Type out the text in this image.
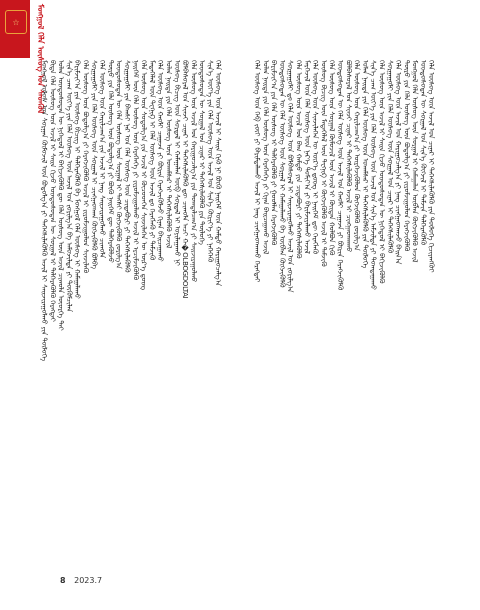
☆	ᠮᠣᠩᠭᠣᠯ ᠬᠡᠯᠡ ᠦᠰᠦᠭ ᠤᠨ ᠰᠡᠳᠬᠦᠯ
ᠮᠣᠩᠭᠣᠯ ᠤᠯᠤᠰ ᠤᠨ ᠰᠤᠷᠭᠠᠨ ᠬᠦᠮᠦᠵᠢᠯ ᠦᠨ ᠪᠣᠳᠤᠯᠭ᠎ᠠ ᠶᠢ ᠳᠡᠭᠡᠭᠰᠢᠯᠡᠭᠦᠯᠬᠦ ᠠᠵᠢᠯ ᠢ ᠰᠠᠢᠵᠢᠷᠠᠭᠤᠯᠬᠤ ᠶᠢᠨ ᠲᠥᠯᠦᠭᠡ ᠪᠢᠳᠡ ᠬᠡᠯᠡ ᠦᠰᠦᠭ ᠦᠨ ᠠᠵᠢᠯ ᠢ ᠰᠠᠢᠨ ᠬᠢᠵᠦ ᠦᠨᠳᠦᠰᠦᠲᠡᠨ ᠦ ᠰᠤᠷᠭᠠᠯ ᠢ ᠳᠡᠯᠭᠡᠷᠡᠭᠦᠯᠬᠦ ᠬᠡᠷᠡᠭᠲᠡᠢ ᠣᠯᠠᠨ ᠦᠨᠳᠦᠰᠦᠲᠡᠨ ᠦ ᠨᠢᠭᠡᠳᠦᠯ ᠢ ᠪᠡᠬᠢᠵᠢᠭᠦᠯᠬᠦ ᠳᠦ ᠬᠡᠯᠡ ᠦᠰᠦᠭ ᠦᠨ ᠠᠵᠢᠯ ᠴᠢᠬᠤᠯᠠ ᠦᠦᠷᠭᠡ ᠲᠠᠢ ᠰᠢᠨ᠎ᠡ ᠴᠠᠭ ᠦᠶ᠎ᠡ ᠶᠢᠨ ᠬᠡᠯᠡ ᠦᠰᠦᠭ ᠦᠨ ᠠᠵᠢᠯ ᠤᠨ ᠵᠣᠷᠢᠯᠭ᠎ᠠ ᠪᠠ ᠠᠮᠤᠵᠢᠯᠲᠠ ᠶᠢ ᠳᠦᠭᠦᠮᠴᠢᠯᠡᠨ ᠪᠠᠷᠢᠮᠵᠢᠶ᠎ᠠ ᠶᠢᠨ ᠦᠰᠦᠭ ᠪᠢᠴᠢᠭ ᠢ ᠳᠡᠯᠭᠡᠷᠡᠭᠦᠯᠬᠦ ᠪᠠ ᠮᠣᠩᠭᠣᠯ ᠬᠡᠯᠡ ᠦᠰᠦᠭ ᠢ ᠬᠠᠮᠠᠭᠠᠯᠠᠬᠤ ᠬᠡᠯᠡ ᠦᠰᠦᠭ ᠦᠨ ᠪᠣᠳᠣᠯᠭ᠎ᠠ ᠶᠢ ᠬᠡᠷᠡᠭᠵᠢᠭᠦᠯᠬᠦ ᠠᠵᠢᠯ ᠢ ᠵᠢᠷᠤᠮᠵᠢᠭᠤᠯᠤᠨ ᠰᠢᠨᠵᠢᠯᠡᠬᠦ ᠰᠤᠷᠭᠠᠭᠤᠯᠢ ᠶᠢᠨ ᠬᠡᠯᠡ ᠦᠰᠦᠭ ᠦᠨ ᠰᠤᠷᠭᠠᠯ ᠢ ᠴᠢᠩᠭᠠᠳᠬᠠᠨ ᠬᠥᠭᠵᠢᠭᠦᠯᠬᠦ ᠪᠣᠯᠪᠠ ᠬᠡᠯᠡ ᠦᠰᠦᠭ ᠦᠨ ᠬᠠᠷᠢᠯᠴᠠᠭ᠎ᠠ ᠶᠢᠨ ᠠᠵᠢᠯ ᠢ ᠨᠡᠩ ᠰᠠᠢᠵᠢᠷᠠᠭᠤᠯᠬᠤ ᠴᠢᠬᠤᠯᠠ ᠲᠥᠷᠦ ᠶᠢᠨ ᠬᠡᠯᠡ ᠦᠰᠦᠭ ᠦᠨ ᠪᠣᠳᠣᠯᠭ᠎ᠠ ᠶᠢ ᠪᠦᠬᠦ ᠨᠡᠢᠭᠡᠮ ᠳᠦ ᠳᠡᠯᠭᠡᠷᠡᠭᠦᠯᠵᠦ ᠦᠨᠳᠦᠰᠦᠲᠡᠨ ᠦ ᠬᠡᠯᠡ ᠦᠰᠦᠭ ᠦᠨ ᠰᠤᠷᠭᠠᠯ ᠢ ᠲᠡᠭᠰᠢ ᠬᠥᠭᠵᠢᠭᠦᠯᠬᠦ ᠵᠣᠷᠢᠯᠭ᠎ᠠ ᠰᠤᠷᠭᠠᠭᠤᠯᠢ ᠶᠢᠨ ᠪᠠᠭᠰᠢ ᠨᠠᠷ ᠤᠨ ᠬᠡᠯᠡ ᠦᠰᠦᠭ ᠦᠨ ᠴᠢᠳᠠᠪᠤᠷᠢ ᠶᠢ ᠳᠡᠭᠡᠭᠰᠢᠯᠡᠭᠦᠯᠬᠦ ᠨᠡᠢᠭᠡᠮ ᠦᠨ ᠬᠡᠯᠡ ᠦᠰᠦᠭ ᠦᠨ ᠬᠡᠷᠡᠭᠯᠡᠭᠡ ᠶᠢ ᠵᠢᠷᠤᠮᠵᠢᠭᠤᠯᠬᠤ ᠠᠵᠢᠯ ᠢ ᠡᠷᠴᠢᠮᠵᠢᠭᠦᠯᠬᠦ ᠬᠡᠯᠡ ᠦᠰᠦᠭ ᠦᠨ ᠰᠤᠳᠤᠯᠭ᠎ᠠ ᠶᠢᠨ ᠠᠵᠢᠯ ᠢ ᠬᠦᠴᠦᠳᠬᠡᠨ ᠰᠢᠨᠵᠢᠯᠡᠭᠡᠨ ᠦ ᠦᠷ᠎ᠡ ᠳ᠋ᠦᠩ ᠮᠡᠳᠡᠭᠡᠯᠡᠯ ᠦᠨ ᠲᠸᠬᠨᠢᠺ ᠢ ᠬᠡᠯᠡ ᠦᠰᠦᠭ ᠦᠨ ᠠᠵᠢᠯ ᠳᠤ ᠬᠡᠷᠡᠭᠯᠡᠬᠦ ᠶᠢ ᠳᠡᠮᠵᠢᠬᠦ ᠬᠡᠯᠡ ᠦᠰᠦᠭ ᠦᠨ ᠬᠠᠤᠯᠢ ᠴᠠᠭᠠᠵᠠ ᠶᠢ ᠪᠦᠷᠢᠨ ᠬᠡᠷᠡᠭᠵᠢᠭᠦᠯᠵᠦ ᠬᠢᠨᠠᠨ ᠪᠠᠢᠴᠠᠭᠠᠬᠤ ᠣᠯᠠᠨ ᠨᠡᠢᠲᠡ ᠶᠢᠨ ᠬᠡᠯᠡ ᠦᠰᠦᠭ ᠦᠨ ᠤᠬᠠᠮᠰᠠᠷ ᠢ ᠳᠡᠭᠡᠭᠰᠢᠯᠡᠭᠦᠯᠬᠦ ᠠᠵᠢᠯ ᠦᠰᠦᠭ ᠪᠢᠴᠢᠭ ᠦᠨ ᠰᠤᠷᠲᠠᠯ ᠢ ᠬᠠᠮᠠᠭᠠᠯᠠᠨ ᠦᠪ ᠰᠤᠷᠲᠠᠯ ᠢ ᠣᠶᠢᠯᠠᠭᠠᠬᠤ ᠨᠢ ᠪᠣᠯᠪᠠᠰᠤᠷᠠᠯ ᠤᠨ ᠰᠢᠨᠵᠢ ᠴᠢᠨᠠᠷ ᠢ ᠳᠡᠭᠡᠭᠰᠢᠯᠡᠭᠦᠯᠬᠦ ᠳᠦ ᠴᠢᠬᠤᠯᠠ ᠠᠴᠢ ᠬ�OLBOGDOLTAI ᠬᠡᠯᠡ ᠦᠰᠦᠭ ᠦᠨ ᠠᠵᠢᠯ ᠤᠨ ᠬᠠᠷᠢᠭᠤᠴᠠᠯᠭ᠎ᠠ ᠶᠢᠨ ᠲᠣᠭᠲᠠᠯᠴᠠᠭ᠎ᠠ ᠶᠢ ᠰᠠᠢᠵᠢᠷᠠᠭᠤᠯᠬᠤ ᠦᠨᠳᠦᠰᠦᠲᠡᠨ ᠦ ᠰᠤᠷᠭᠠᠯ ᠤᠨ ᠴᠢᠨᠠᠷ ᠢ ᠳᠡᠭᠡᠭᠰᠢᠯᠡᠭᠦᠯᠬᠦ ᠶᠢᠨ ᠲᠥᠯᠦᠭᠡ ᠰᠢᠨ᠎ᠡ ᠦᠶ᠎ᠡ ᠶᠢᠨ ᠬᠡᠯᠡ ᠦᠰᠦᠭ ᠦᠨ ᠠᠵᠢᠯ ᠤᠨ ᠰᠢᠨ᠎ᠡ ᠬᠦᠷᠢᠶ᠎ᠡ ᠶᠢ ᠨᠡᠭᠡᠭᠡᠬᠦ ᠬᠡᠯᠡ ᠦᠰᠦᠭ ᠦᠨ ᠠᠵᠢᠯ ᠢ ᠰᠠᠢᠨ ᠬᠢᠬᠦ ᠨᠢ ᠪᠦᠬᠦ ᠨᠡᠢᠭᠡᠮ ᠦᠨ ᠬᠠᠮᠲᠤ ᠬᠠᠷᠢᠭᠤᠴᠠᠯᠭ᠎ᠠ	ᠬᠡᠯᠡ ᠦᠰᠦᠭ ᠦᠨ ᠬᠡᠪ ᠵᠦᠢ ᠶᠢ ᠪᠠᠷᠢᠮᠳᠠᠯᠠᠬᠤ ᠠᠵᠢᠯ ᠢ ᠨᠡᠩ ᠴᠢᠩᠭᠠᠳᠬᠠᠬᠤ ᠬᠡᠷᠡᠭᠲᠡᠢ ᠣᠯᠠᠨ ᠨᠡᠢᠲᠡ ᠶᠢᠨ ᠬᠡᠯᠡ ᠦᠰᠦᠭ ᠦᠨ ᠬᠡᠷᠡᠭᠯᠡᠭᠡ ᠶᠢ ᠬᠢᠨᠠᠨ ᠪᠠᠢᠴᠠᠭᠠᠬᠤ ᠠᠵᠢᠯ ᠪᠠᠷᠢᠮᠵᠢᠶ᠎ᠠ ᠶᠢᠨ ᠬᠡᠯᠡ ᠦᠰᠦᠭ ᠢ ᠳᠡᠯᠭᠡᠷᠡᠭᠦᠯᠬᠦ ᠶᠢ ᠭᠣᠣᠯᠯᠠᠨ ᠬᠡᠷᠡᠭᠵᠢᠭᠦᠯᠬᠦ ᠦᠨᠳᠦᠰᠦᠲᠡᠨ ᠦ ᠬᠡᠯᠡ ᠦᠰᠦᠭ ᠦᠨ ᠰᠤᠷᠭᠠᠯ ᠢ ᠬᠠᠮᠠᠭᠠᠯᠠᠬᠤ ᠪᠠ ᠥᠪᠯᠡᠨ ᠬᠥᠭᠵᠢᠭᠦᠯᠬᠦ ᠰᠤᠷᠭᠠᠭᠤᠯᠢ ᠳᠤ ᠬᠡᠯᠡ ᠦᠰᠦᠭ ᠦᠨ ᠪᠣᠯᠪᠠᠰᠤᠷᠠᠯ ᠢ ᠰᠠᠢᠵᠢᠷᠠᠭᠤᠯᠬᠤ ᠠᠵᠢᠯ ᠤᠨ ᠵᠣᠷᠢᠯᠭ᠎ᠠ ᠬᠡᠯᠡ ᠦᠰᠦᠭ ᠦᠨ ᠠᠵᠢᠯ ᠤᠨ ᠪᠠᠭ ᠬᠠᠮᠲᠤ ᠶᠢᠨ ᠴᠢᠳᠠᠪᠤᠷᠢ ᠶᠢ ᠳᠡᠭᠡᠭᠰᠢᠯᠡᠭᠦᠯᠬᠦ ᠮᠡᠷᠭᠡᠵᠢᠯ ᠦᠨ ᠬᠡᠯᠡ ᠦᠰᠦᠭ ᠦᠨ ᠨᠡᠷ᠎ᠡ ᠲᠣᠮᠢᠶ᠎ᠠ ᠶᠢ ᠪᠠᠷᠢᠮᠵᠢᠶᠠᠯᠠᠬᠤ ᠠᠵᠢᠯ ᠬᠡᠯᠡ ᠦᠰᠦᠭ ᠦᠨ ᠰᠢᠨᠵᠢᠯᠡᠭᠡᠨ ᠦ ᠦᠷ᠎ᠡ ᠳ᠋ᠦᠩ ᠢ ᠨᠡᠢᠭᠡᠮ ᠳᠦ ᠬᠡᠷᠡᠭᠯᠡᠬᠦ ᠦᠰᠦᠭ ᠪᠢᠴᠢᠭ ᠦᠨ ᠮᠡᠳᠡᠭᠡᠯᠡᠯ ᠦᠨ ᠲᠸᠬᠨᠢᠺ ᠢ ᠬᠥᠭᠵᠢᠭᠦᠯᠬᠦ ᠠᠵᠢᠯ ᠢ ᠳᠡᠮᠵᠢᠬᠦ ᠬᠡᠯᠡ ᠦᠰᠦᠭ ᠦᠨ ᠰᠤᠷᠭᠠᠯ ᠬᠦᠮᠦᠵᠢᠯ ᠦᠨ ᠠᠵᠢᠯ ᠢ ᠬᠦᠢᠲᠡᠨ ᠬᠣᠯᠪᠣᠨ ᠬᠢᠬᠦ ᠦᠨᠳᠦᠰᠦᠲᠡᠨ ᠦ ᠬᠡᠯᠡ ᠦᠰᠦᠭ ᠦᠨ ᠠᠵᠢᠯ ᠤᠨ ᠬᠠᠤᠯᠢ ᠴᠠᠭᠠᠵᠠ ᠶᠢ ᠪᠦᠷᠢᠨ ᠬᠡᠷᠡᠭᠵᠢᠭᠦᠯᠬᠦ ᠪᠣᠯᠪᠠᠰᠤᠷᠠᠯ ᠤᠨ ᠰᠢᠨᠵᠢ ᠴᠢᠨᠠᠷ ᠢ ᠳᠡᠭᠡᠭᠰᠢᠯᠡᠭᠦᠯᠬᠦ ᠠᠵᠢᠯ ᠢ ᠴᠢᠩᠭᠠᠳᠬᠠᠬᠤ ᠬᠡᠯᠡ ᠦᠰᠦᠭ ᠦᠨ ᠬᠠᠷᠢᠯᠴᠠᠭ᠎ᠠ ᠶᠢ ᠥᠷᠭᠡᠵᠢᠭᠦᠯᠦᠨ ᠬᠥᠭᠵᠢᠭᠦᠯᠬᠦ ᠵᠣᠷᠢᠯᠭ᠎ᠠ ᠣᠯᠠᠨ ᠨᠡᠢᠲᠡ ᠶᠢᠨ ᠬᠡᠯᠡ ᠦᠰᠦᠭ ᠦᠨ ᠤᠬᠠᠮᠰᠠᠷ ᠢ ᠳᠡᠭᠡᠭᠰᠢᠯᠡᠭᠦᠯᠬᠦ ᠶᠢᠨ ᠲᠥᠯᠦᠭᠡ ᠰᠢᠨ᠎ᠡ ᠴᠠᠭ ᠦᠶ᠎ᠡ ᠶᠢᠨ ᠬᠡᠯᠡ ᠦᠰᠦᠭ ᠦᠨ ᠠᠵᠢᠯ ᠤᠨ ᠰᠢᠨ᠎ᠡ ᠠᠮᠵᠢᠯᠲᠠ ᠶᠢ ᠲᠣᠭᠲᠠᠭᠠᠬᠤ ᠬᠡᠯᠡ ᠦᠰᠦᠭ ᠦᠨ ᠠᠵᠢᠯ ᠢ ᠰᠠᠢᠨ ᠬᠢᠵᠦ ᠦᠨᠳᠦᠰᠦᠲᠡᠨ ᠦ ᠨᠢᠭᠡᠳᠦᠯ ᠢ ᠪᠡᠬᠢᠵᠢᠭᠦᠯᠬᠦ ᠰᠤᠷᠭᠠᠭᠤᠯᠢ ᠶᠢᠨ ᠬᠡᠯᠡ ᠦᠰᠦᠭ ᠦᠨ ᠰᠤᠷᠭᠠᠯ ᠤᠨ ᠴᠢᠨᠠᠷ ᠢ ᠳᠡᠭᠡᠭᠰᠢᠯᠡᠭᠦᠯᠬᠦ ᠬᠡᠯᠡ ᠦᠰᠦᠭ ᠦᠨ ᠠᠵᠢᠯ ᠤᠨ ᠬᠠᠷᠢᠭᠤᠴᠠᠯᠭ᠎ᠠ ᠶᠢ ᠨᠡᠩ ᠴᠢᠩᠭᠠᠳᠬᠠᠵᠤ ᠪᠠᠢᠨ᠎ᠠ ᠲᠥᠷᠦ ᠶᠢᠨ ᠬᠡᠯᠡ ᠦᠰᠦᠭ ᠦᠨ ᠪᠣᠳᠣᠯᠭ᠎ᠠ ᠶᠢ ᠵᠢᠷᠤᠮᠵᠢᠭᠤᠯᠤᠨ ᠬᠡᠷᠡᠭᠵᠢᠭᠦᠯᠬᠦ ᠮᠣᠩᠭᠣᠯ ᠬᠡᠯᠡ ᠦᠰᠦᠭ ᠦᠨ ᠰᠤᠷᠭᠠᠯ ᠢ ᠬᠠᠮᠠᠭᠠᠯᠠᠨ ᠥᠪᠯᠡᠨ ᠬᠥᠭᠵᠢᠭᠦᠯᠬᠦ ᠠᠵᠢᠯ ᠦᠨᠳᠦᠰᠦᠲᠡᠨ ᠦ ᠰᠤᠷᠭᠠᠯ ᠤᠨ ᠰᠢᠨ᠎ᠡ ᠬᠥᠭᠵᠢᠯ ᠢ ᠳᠡᠮᠵᠢᠨ ᠲᠡᠯᠭᠡᠷᠡᠭᠦᠯᠬᠦ ᠬᠡᠯᠡ ᠦᠰᠦᠭ ᠦᠨ ᠠᠵᠢᠯ ᠤᠨ ᠴᠢᠨᠠᠷ ᠢ ᠳᠡᠭᠡᠭᠰᠢᠯᠡᠭᠦᠯᠬᠦ ᠶᠢᠨ ᠲᠥᠯᠦᠭᠡ ᠬᠢᠴᠢᠶᠡᠩᠭᠦᠢ
8 2023.7
